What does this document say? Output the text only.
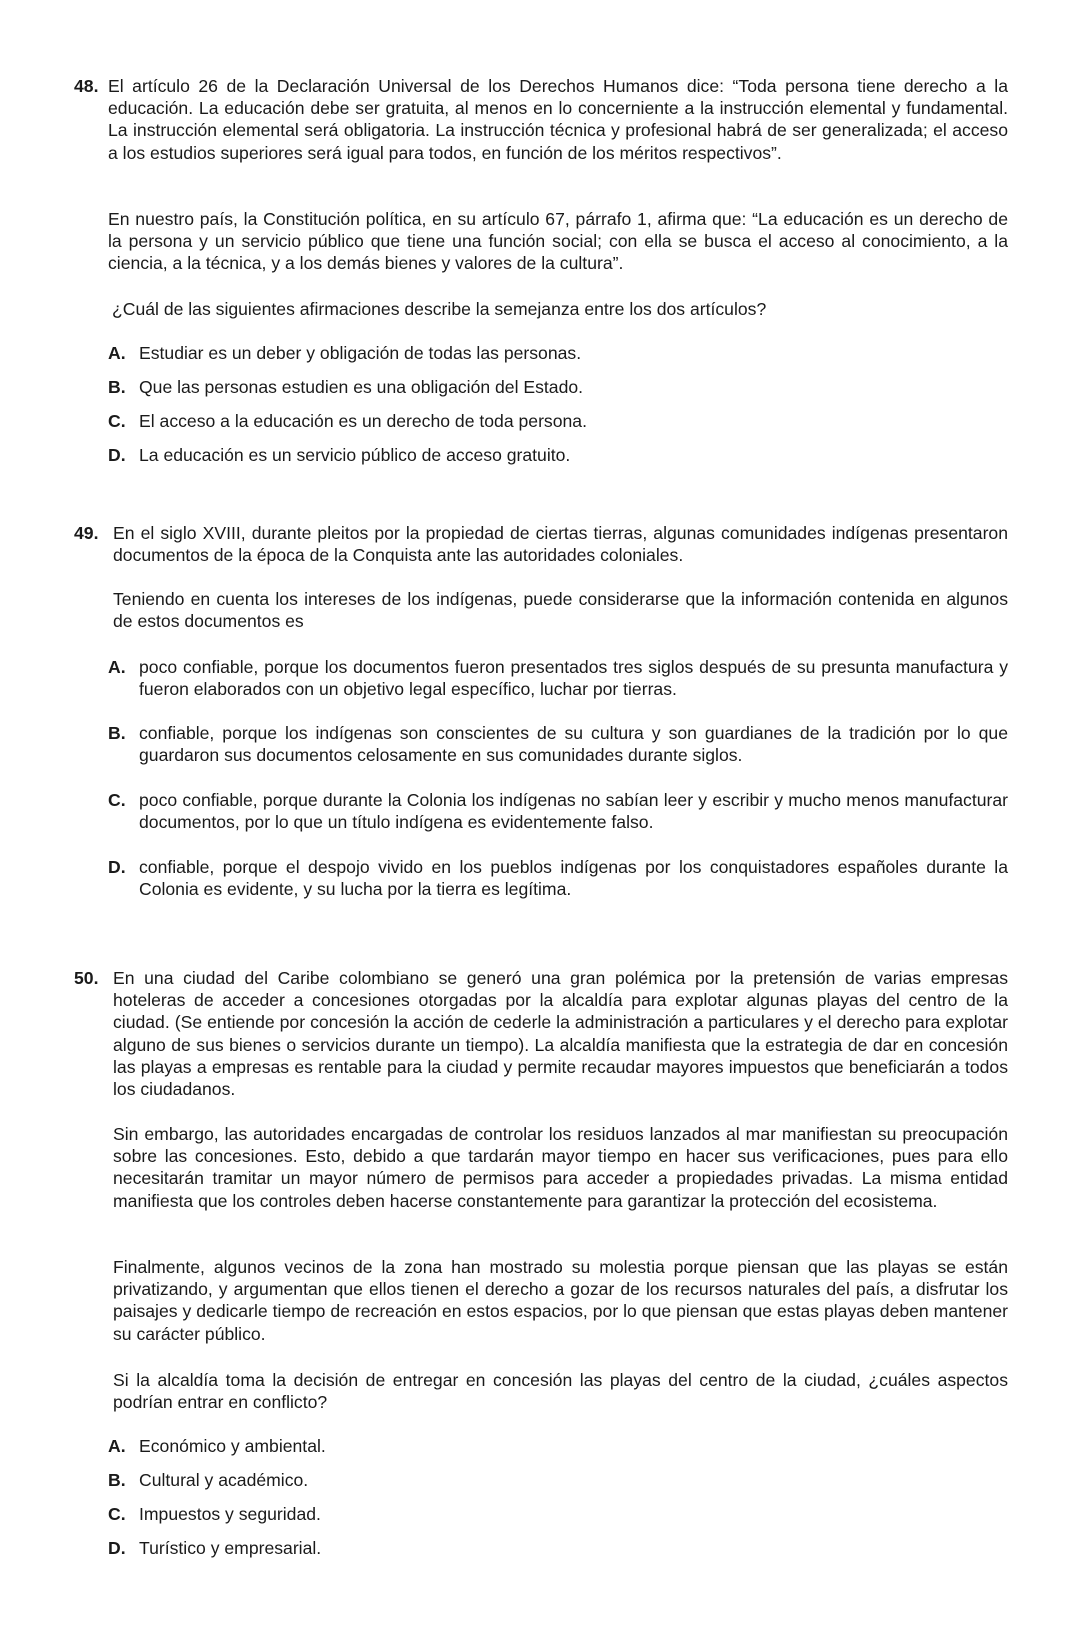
48. El artículo 26 de la Declaración Universal de los Derechos Humanos dice: “Toda persona tiene derecho a la educación. La educación debe ser gratuita, al menos en lo concerniente a la instrucción elemental y fundamental. La instrucción elemental será obligatoria. La instrucción técnica y profesional habrá de ser generalizada; el acceso a los estudios superiores será igual para todos, en función de los méritos respectivos”.
En nuestro país, la Constitución política, en su artículo 67, párrafo 1, afirma que: “La educación es un derecho de la persona y un servicio público que tiene una función social; con ella se busca el acceso al conocimiento, a la ciencia, a la técnica, y a los demás bienes y valores de la cultura”.
¿Cuál de las siguientes afirmaciones describe la semejanza entre los dos artículos?
A. Estudiar es un deber y obligación de todas las personas.
B. Que las personas estudien es una obligación del Estado.
C. El acceso a la educación es un derecho de toda persona.
D. La educación es un servicio público de acceso gratuito.
49. En el siglo XVIII, durante pleitos por la propiedad de ciertas tierras, algunas comunidades indígenas presentaron documentos de la época de la Conquista ante las autoridades coloniales.
Teniendo en cuenta los intereses de los indígenas, puede considerarse que la información contenida en algunos de estos documentos es
A. poco confiable, porque los documentos fueron presentados tres siglos después de su presunta manufactura y fueron elaborados con un objetivo legal específico, luchar por tierras.
B. confiable, porque los indígenas son conscientes de su cultura y son guardianes de la tradición por lo que guardaron sus documentos celosamente en sus comunidades durante siglos.
C. poco confiable, porque durante la Colonia los indígenas no sabían leer y escribir y mucho menos manufacturar documentos, por lo que un título indígena es evidentemente falso.
D. confiable, porque el despojo vivido en los pueblos indígenas por los conquistadores españoles durante la Colonia es evidente, y su lucha por la tierra es legítima.
50. En una ciudad del Caribe colombiano se generó una gran polémica por la pretensión de varias empresas hoteleras de acceder a concesiones otorgadas por la alcaldía para explotar algunas playas del centro de la ciudad. (Se entiende por concesión la acción de cederle la administración a particulares y el derecho para explotar alguno de sus bienes o servicios durante un tiempo). La alcaldía manifiesta que la estrategia de dar en concesión las playas a empresas es rentable para la ciudad y permite recaudar mayores impuestos que beneficiarán a todos los ciudadanos.
Sin embargo, las autoridades encargadas de controlar los residuos lanzados al mar manifiestan su preocupación sobre las concesiones. Esto, debido a que tardarán mayor tiempo en hacer sus verificaciones, pues para ello necesitarán tramitar un mayor número de permisos para acceder a propiedades privadas. La misma entidad manifiesta que los controles deben hacerse constantemente para garantizar la protección del ecosistema.
Finalmente, algunos vecinos de la zona han mostrado su molestia porque piensan que las playas se están privatizando, y argumentan que ellos tienen el derecho a gozar de los recursos naturales del país, a disfrutar los paisajes y dedicarle tiempo de recreación en estos espacios, por lo que piensan que estas playas deben mantener su carácter público.
Si la alcaldía toma la decisión de entregar en concesión las playas del centro de la ciudad, ¿cuáles aspectos podrían entrar en conflicto?
A. Económico y ambiental.
B. Cultural y académico.
C. Impuestos y seguridad.
D. Turístico y empresarial.
